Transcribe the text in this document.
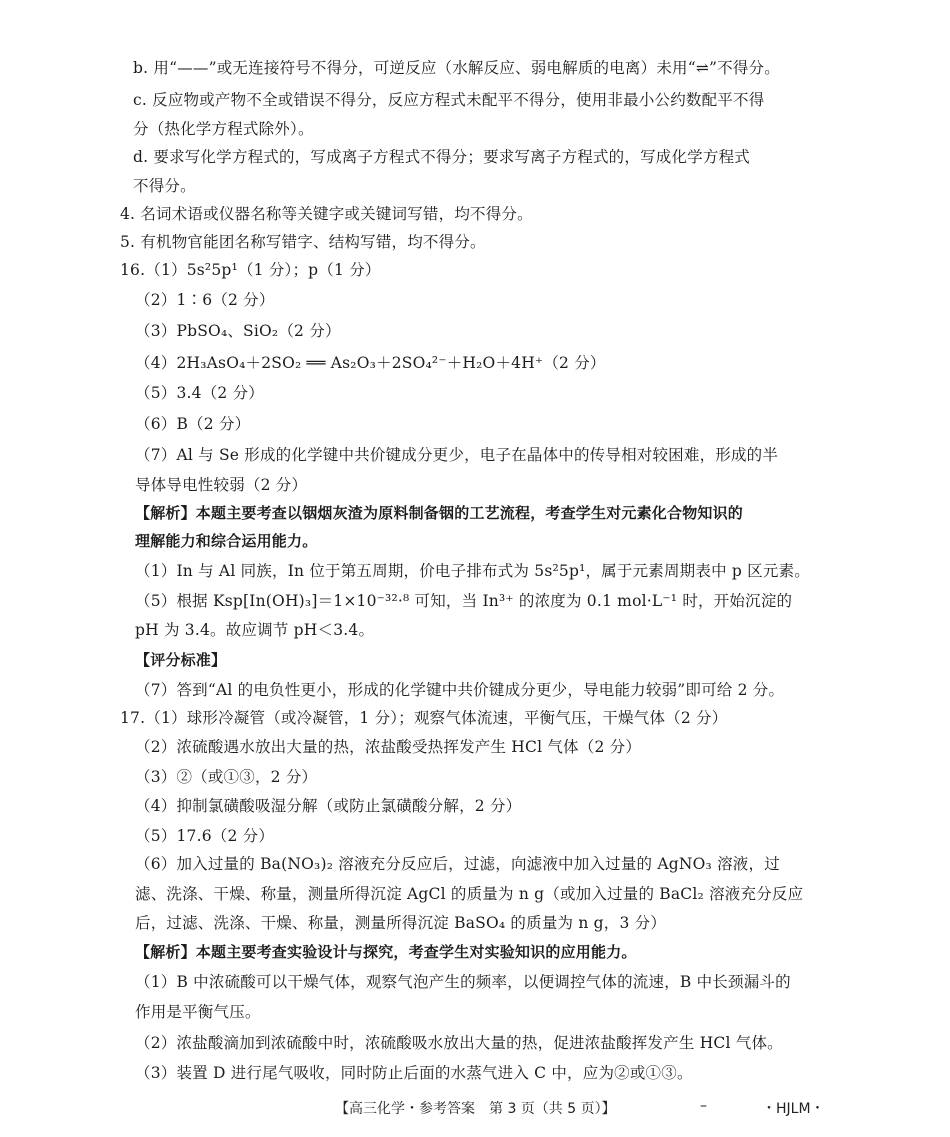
b. 用“——”或无连接符号不得分，可逆反应（水解反应、弱电解质的电离）未用“⇌”不得分。
c. 反应物或产物不全或错误不得分，反应方程式未配平不得分，使用非最小公约数配平不得
分（热化学方程式除外）。
d. 要求写化学方程式的，写成离子方程式不得分；要求写离子方程式的，写成化学方程式
不得分。
4. 名词术语或仪器名称等关键字或关键词写错，均不得分。
5. 有机物官能团名称写错字、结构写错，均不得分。
16.（1）5s²5p¹（1 分）；p（1 分）
（2）1∶6（2 分）
（3）PbSO₄、SiO₂（2 分）
（4）2H₃AsO₄＋2SO₂ ══ As₂O₃＋2SO₄²⁻＋H₂O＋4H⁺（2 分）
（5）3.4（2 分）
（6）B（2 分）
（7）Al 与 Se 形成的化学键中共价键成分更少，电子在晶体中的传导相对较困难，形成的半
导体导电性较弱（2 分）
【解析】本题主要考查以铟烟灰渣为原料制备铟的工艺流程，考查学生对元素化合物知识的
理解能力和综合运用能力。
（1）In 与 Al 同族，In 位于第五周期，价电子排布式为 5s²5p¹，属于元素周期表中 p 区元素。
（5）根据 Ksp[In(OH)₃]＝1×10⁻³²·⁸ 可知，当 In³⁺ 的浓度为 0.1 mol·L⁻¹ 时，开始沉淀的
pH 为 3.4。故应调节 pH＜3.4。
【评分标准】
（7）答到“Al 的电负性更小，形成的化学键中共价键成分更少，导电能力较弱”即可给 2 分。
17.（1）球形冷凝管（或冷凝管，1 分）；观察气体流速，平衡气压，干燥气体（2 分）
（2）浓硫酸遇水放出大量的热，浓盐酸受热挥发产生 HCl 气体（2 分）
（3）②（或①③，2 分）
（4）抑制氯磺酸吸湿分解（或防止氯磺酸分解，2 分）
（5）17.6（2 分）
（6）加入过量的 Ba(NO₃)₂ 溶液充分反应后，过滤，向滤液中加入过量的 AgNO₃ 溶液，过
滤、洗涤、干燥、称量，测量所得沉淀 AgCl 的质量为 n g（或加入过量的 BaCl₂ 溶液充分反应
后，过滤、洗涤、干燥、称量，测量所得沉淀 BaSO₄ 的质量为 n g，3 分）
【解析】本题主要考查实验设计与探究，考查学生对实验知识的应用能力。
（1）B 中浓硫酸可以干燥气体，观察气泡产生的频率，以便调控气体的流速，B 中长颈漏斗的
作用是平衡气压。
（2）浓盐酸滴加到浓硫酸中时，浓硫酸吸水放出大量的热，促进浓盐酸挥发产生 HCl 气体。
（3）装置 D 进行尾气吸收，同时防止后面的水蒸气进入 C 中，应为②或①③。
【高三化学・参考答案　第 3 页（共 5 页）】	–	・HJLM・
